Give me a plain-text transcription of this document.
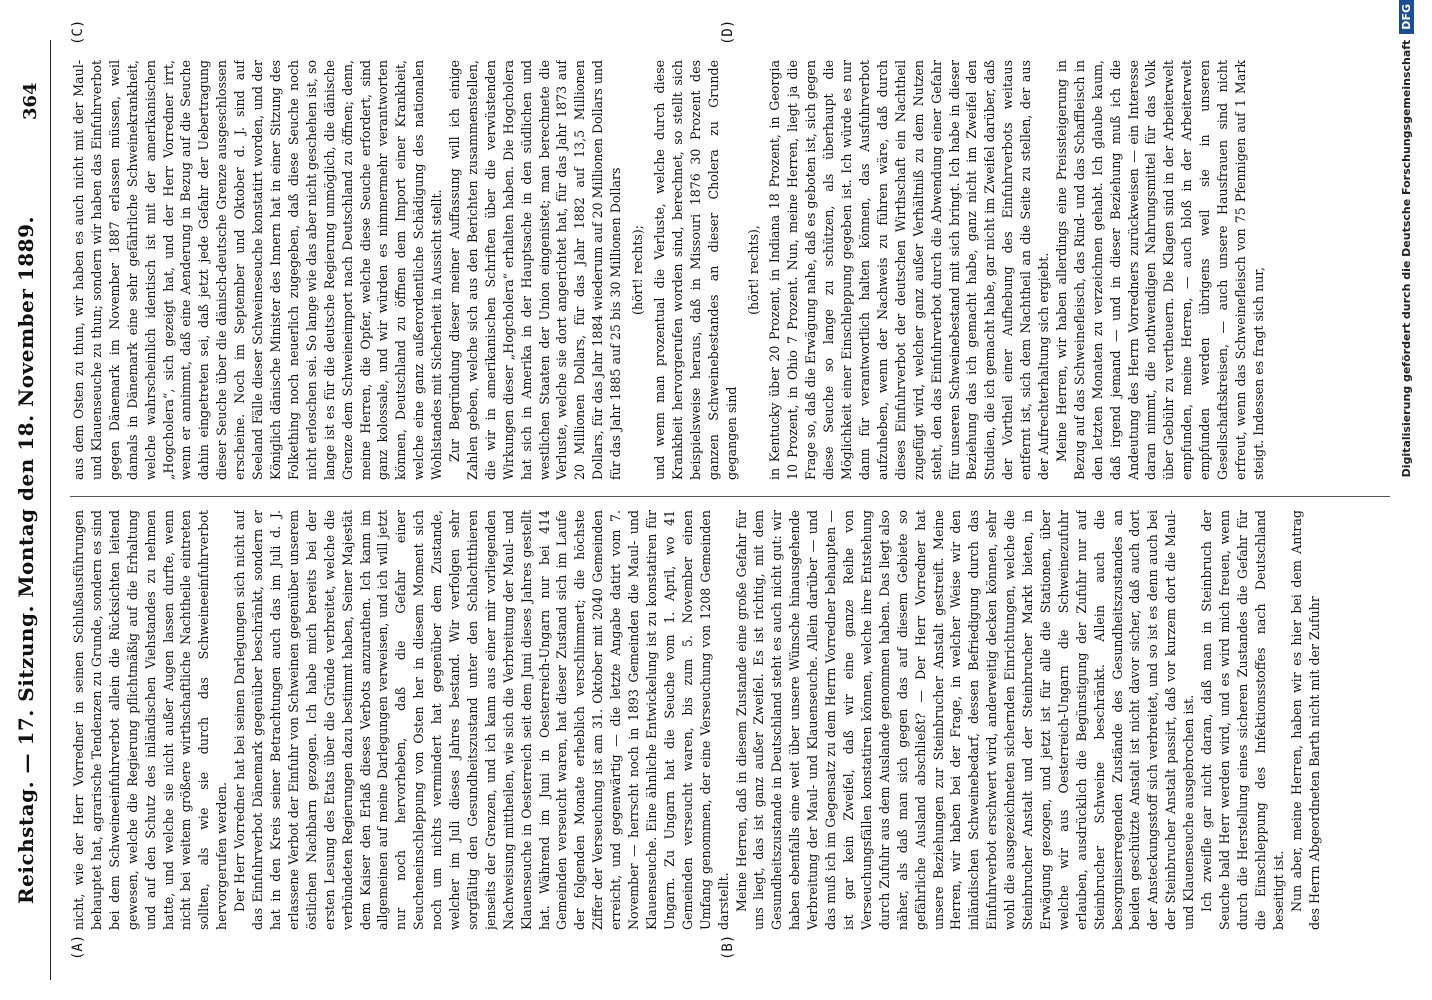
364
Reichstag. — 17. Sitzung. Montag den 18. November 1889.
(A)	(B)
(C)	(D)

nicht, wie der Herr Vorredner in seinen Schlußausführungen behauptet hat, agrarische Tendenzen zu Grunde, sondern es sind bei dem Schweineeinfuhrverbot allein die Rücksichten leitend gewesen, welche die Regierung pflichtmäßig auf die Erhaltung und auf den Schutz des inländischen Viehstandes zu nehmen hatte, und welche sie nicht außer Augen lassen durfte, wenn nicht bei weitem größere wirthschaftliche Nachtheile eintreten sollten, als wie sie durch das Schweineeinfuhrverbot hervorgerufen werden. Der Herr Vorredner hat bei seinen Darlegungen sich nicht auf das Einfuhrverbot Dänemark gegenüber beschränkt, sondern er hat in den Kreis seiner Betrachtungen auch das im Juli d. J. erlassene Verbot der Einfuhr von Schweinen gegenüber unserem östlichen Nachbarn gezogen. Ich habe mich bereits bei der ersten Lesung des Etats über die Gründe verbreitet, welche die verbündeten Regierungen dazu bestimmt haben, Seiner Majestät dem Kaiser den Erlaß dieses Verbots anzurathen. Ich kann im allgemeinen auf meine Darlegungen verweisen, und ich will jetzt nur noch hervorheben, daß die Gefahr einer Seucheneinschleppung von Osten her in diesem Moment sich noch um nichts vermindert hat gegenüber dem Zustande, welcher im Juli dieses Jahres bestand. Wir verfolgen sehr sorgfältig den Gesundheitszustand unter den Schlachtthieren jenseits der Grenzen, und ich kann aus einer mir vorliegenden Nachweisung mittheilen, wie sich die Verbreitung der Maul- und Klauenseuche in Oesterreich seit dem Juni dieses Jahres gestellt hat. Während im Juni in Oesterreich-Ungarn nur bei 414 Gemeinden verseucht waren, hat dieser Zustand sich im Laufe der folgenden Monate erheblich verschlimmert; die höchste Ziffer der Verseuchung ist am 31. Oktober mit 2040 Gemeinden erreicht, und gegenwärtig — die letzte Angabe datirt vom 7. November — herrscht noch in 1893 Gemeinden die Maul- und Klauenseuche. Eine ähnliche Entwickelung ist zu konstatiren für Ungarn. Zu Ungarn hat die Seuche vom 1. April, wo 41 Gemeinden verseucht waren, bis zum 5. November einen Umfang genommen, der eine Verseuchung von 1208 Gemeinden darstellt. Meine Herren, daß in diesem Zustande eine große Gefahr für uns liegt, das ist ganz außer Zweifel. Es ist richtig, mit dem Gesundheitszustande in Deutschland steht es auch nicht gut: wir haben ebenfalls eine weit über unsere Wünsche hinausgehende Verbreitung der Maul- und Klauenseuche. Allein darüber — und das muß ich im Gegensatz zu dem Herrn Vorredner behaupten — ist gar kein Zweifel, daß wir eine ganze Reihe von Verseuchungsfällen konstatiren können, welche ihre Entstehung durch Zufuhr aus dem Auslande genommen haben. Das liegt also näher, als daß man sich gegen das auf diesem Gebiete so gefährliche Ausland abschließt? — Der Herr Vorredner hat unsere Beziehungen zur Steinbrucher Anstalt gestreift. Meine Herren, wir haben bei der Frage, in welcher Weise wir den inländischen Schweinebedarf, dessen Befriedigung durch das Einfuhrverbot erschwert wird, anderweitig decken können, sehr wohl die ausgezeichneten sichernden Einrichtungen, welche die Steinbrucher Anstalt und der Steinbrucher Markt bieten, in Erwägung gezogen, und jetzt ist für alle die Stationen, über welche wir aus Oesterreich-Ungarn die Schweinezufuhr erlauben, ausdrücklich die Begünstigung der Zufuhr nur auf Steinbrucher Schweine beschränkt. Allein auch die besorgniserregenden Zustände des Gesundheitszustandes an beiden geschützte Anstalt ist nicht davor sicher, daß auch dort der Ansteckungsstoff sich verbreitet, und so ist es denn auch bei der Steinbrucher Anstalt passirt, daß vor kurzem dort die Maul- und Klauenseuche ausgebrochen ist. Ich zweifle gar nicht daran, daß man in Steinbruch der Seuche bald Herr werden wird, und es wird mich freuen, wenn durch die Herstellung eines sicheren Zustandes die Gefahr für die Einschleppung des Infektionsstoffes nach Deutschland beseitigt ist. Nun aber, meine Herren, haben wir es hier bei dem Antrag des Herrn Abgeordneten Barth nicht mit der Zufuhr

aus dem Osten zu thun, wir haben es auch nicht mit der Maul- und Klauenseuche zu thun; sondern wir haben das Einfuhrverbot gegen Dänemark im November 1887 erlassen müssen, weil damals in Dänemark eine sehr gefährliche Schweinekrankheit, welche wahrscheinlich identisch ist mit der amerikanischen „Hogcholera“, sich gezeigt hat, und der Herr Vorredner irrt, wenn er annimmt, daß eine Aenderung in Bezug auf die Seuche dahin eingetreten sei, daß jetzt jede Gefahr der Uebertragung dieser Seuche über die dänisch-deutsche Grenze ausgeschlossen erscheine. Noch im September und Oktober d. J. sind auf Seeland Fälle dieser Schweineseuche konstatirt worden, und der Königlich dänische Minister des Innern hat in einer Sitzung des Folkething noch neuerlich zugegeben, daß diese Seuche noch nicht erloschen sei. So lange wie das aber nicht geschehen ist, so lange ist es für die deutsche Regierung unmöglich, die dänische Grenze dem Schweineimport nach Deutschland zu öffnen; denn, meine Herren, die Opfer, welche diese Seuche erfordert, sind ganz kolossale, und wir würden es nimmermehr verantworten können, Deutschland zu öffnen dem Import einer Krankheit, welche eine ganz außerordentliche Schädigung des nationalen Wohlstandes mit Sicherheit in Aussicht stellt. Zur Begründung dieser meiner Auffassung will ich einige Zahlen geben, welche sich aus den Berichten zusammenstellen, die wir in amerikanischen Schriften über die verwüstenden Wirkungen dieser „Hogcholera“ erhalten haben. Die Hogcholera hat sich in Amerika in der Hauptsache in den südlichen und westlichen Staaten der Union eingenistet; man berechnete die Verluste, welche sie dort angerichtet hat, für das Jahr 1873 auf 20 Millionen Dollars, für das Jahr 1882 auf 13,5 Millionen Dollars, für das Jahr 1884 wiederum auf 20 Millionen Dollars und für das Jahr 1885 auf 25 bis 30 Millionen Dollars (hört! rechts); und wenn man prozentual die Verluste, welche durch diese Krankheit hervorgerufen worden sind, berechnet, so stellt sich beispielsweise heraus, daß in Missouri 1876 30 Prozent des ganzen Schweinebestandes an dieser Cholera zu Grunde gegangen sind

(hört! rechts), in Kentucky über 20 Prozent, in Indiana 18 Prozent, in Georgia 10 Prozent, in Ohio 7 Prozent. Nun, meine Herren, liegt ja die Frage so, daß die Erwägung nahe, daß es geboten ist, sich gegen diese Seuche so lange zu schützen, als überhaupt die Möglichkeit einer Einschleppung gegeben ist. Ich würde es nur dann für verantwortlich halten können, das Ausfuhrverbot aufzuheben, wenn der Nachweis zu führen wäre, daß durch dieses Einfuhrverbot der deutschen Wirthschaft ein Nachtheil zugefügt wird, welcher ganz außer Verhältniß zu dem Nutzen steht, den das Einfuhrverbot durch die Abwendung einer Gefahr für unseren Schweinebestand mit sich bringt. Ich habe in dieser Beziehung das ich gemacht habe, ganz nicht im Zweifel den Studien, die ich gemacht habe, gar nicht im Zweifel darüber, daß der Vortheil einer Aufhebung des Einfuhrverbots weitaus entfernt ist, sich dem Nachtheil an die Seite zu stellen, der aus der Aufrechterhaltung sich ergiebt. Meine Herren, wir haben allerdings eine Preissteigerung in Bezug auf das Schweinefleisch, das Rind- und das Schaffleisch in den letzten Monaten zu verzeichnen gehabt. Ich glaube kaum, daß irgend jemand — und in dieser Beziehung muß ich die Andeutung des Herrn Vorredners zurückweisen — ein Interesse daran nimmt, die nothwendigen Nahrungsmittel für das Volk über Gebühr zu vertheuern. Die Klagen sind in der Arbeiterwelt empfunden, meine Herren, — auch bloß in der Arbeiterwelt empfunden werden übrigens weil sie in unseren Gesellschaftskreisen, — auch unsere Hausfrauen sind nicht erfreut, wenn das Schweinefleisch von 75 Pfennigen auf 1 Mark steigt. Indessen es fragt sich nur,	Digitalisierung gefördert durch die Deutsche ForschungsgemeinschaftDFG
